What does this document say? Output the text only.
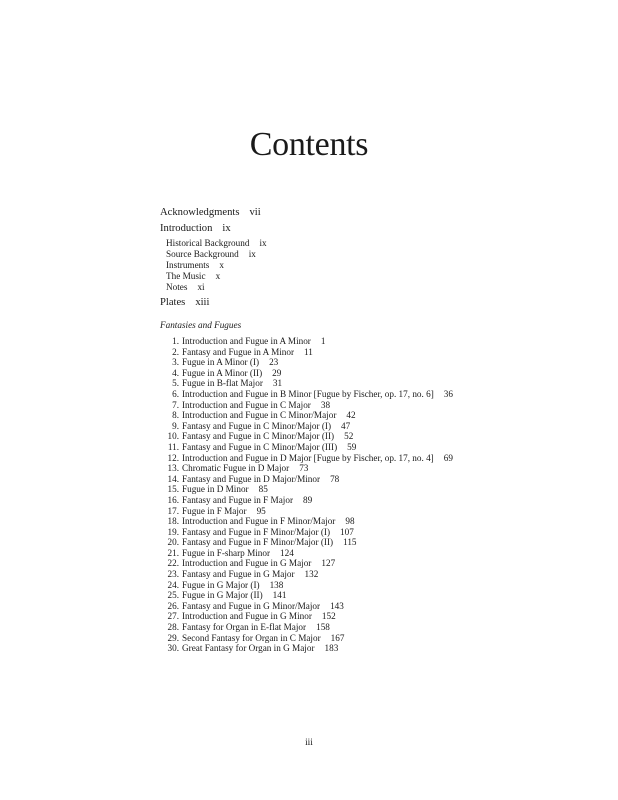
Contents
Acknowledgments vii
Introduction ix
Historical Background ix
Source Background ix
Instruments x
The Music x
Notes xi
Plates xiii
Fantasies and Fugues
1. Introduction and Fugue in A Minor 1
2. Fantasy and Fugue in A Minor 11
3. Fugue in A Minor (I) 23
4. Fugue in A Minor (II) 29
5. Fugue in B-flat Major 31
6. Introduction and Fugue in B Minor [Fugue by Fischer, op. 17, no. 6] 36
7. Introduction and Fugue in C Major 38
8. Introduction and Fugue in C Minor/Major 42
9. Fantasy and Fugue in C Minor/Major (I) 47
10. Fantasy and Fugue in C Minor/Major (II) 52
11. Fantasy and Fugue in C Minor/Major (III) 59
12. Introduction and Fugue in D Major [Fugue by Fischer, op. 17, no. 4] 69
13. Chromatic Fugue in D Major 73
14. Fantasy and Fugue in D Major/Minor 78
15. Fugue in D Minor 85
16. Fantasy and Fugue in F Major 89
17. Fugue in F Major 95
18. Introduction and Fugue in F Minor/Major 98
19. Fantasy and Fugue in F Minor/Major (I) 107
20. Fantasy and Fugue in F Minor/Major (II) 115
21. Fugue in F-sharp Minor 124
22. Introduction and Fugue in G Major 127
23. Fantasy and Fugue in G Major 132
24. Fugue in G Major (I) 138
25. Fugue in G Major (II) 141
26. Fantasy and Fugue in G Minor/Major 143
27. Introduction and Fugue in G Minor 152
28. Fantasy for Organ in E-flat Major 158
29. Second Fantasy for Organ in C Major 167
30. Great Fantasy for Organ in G Major 183
iii
